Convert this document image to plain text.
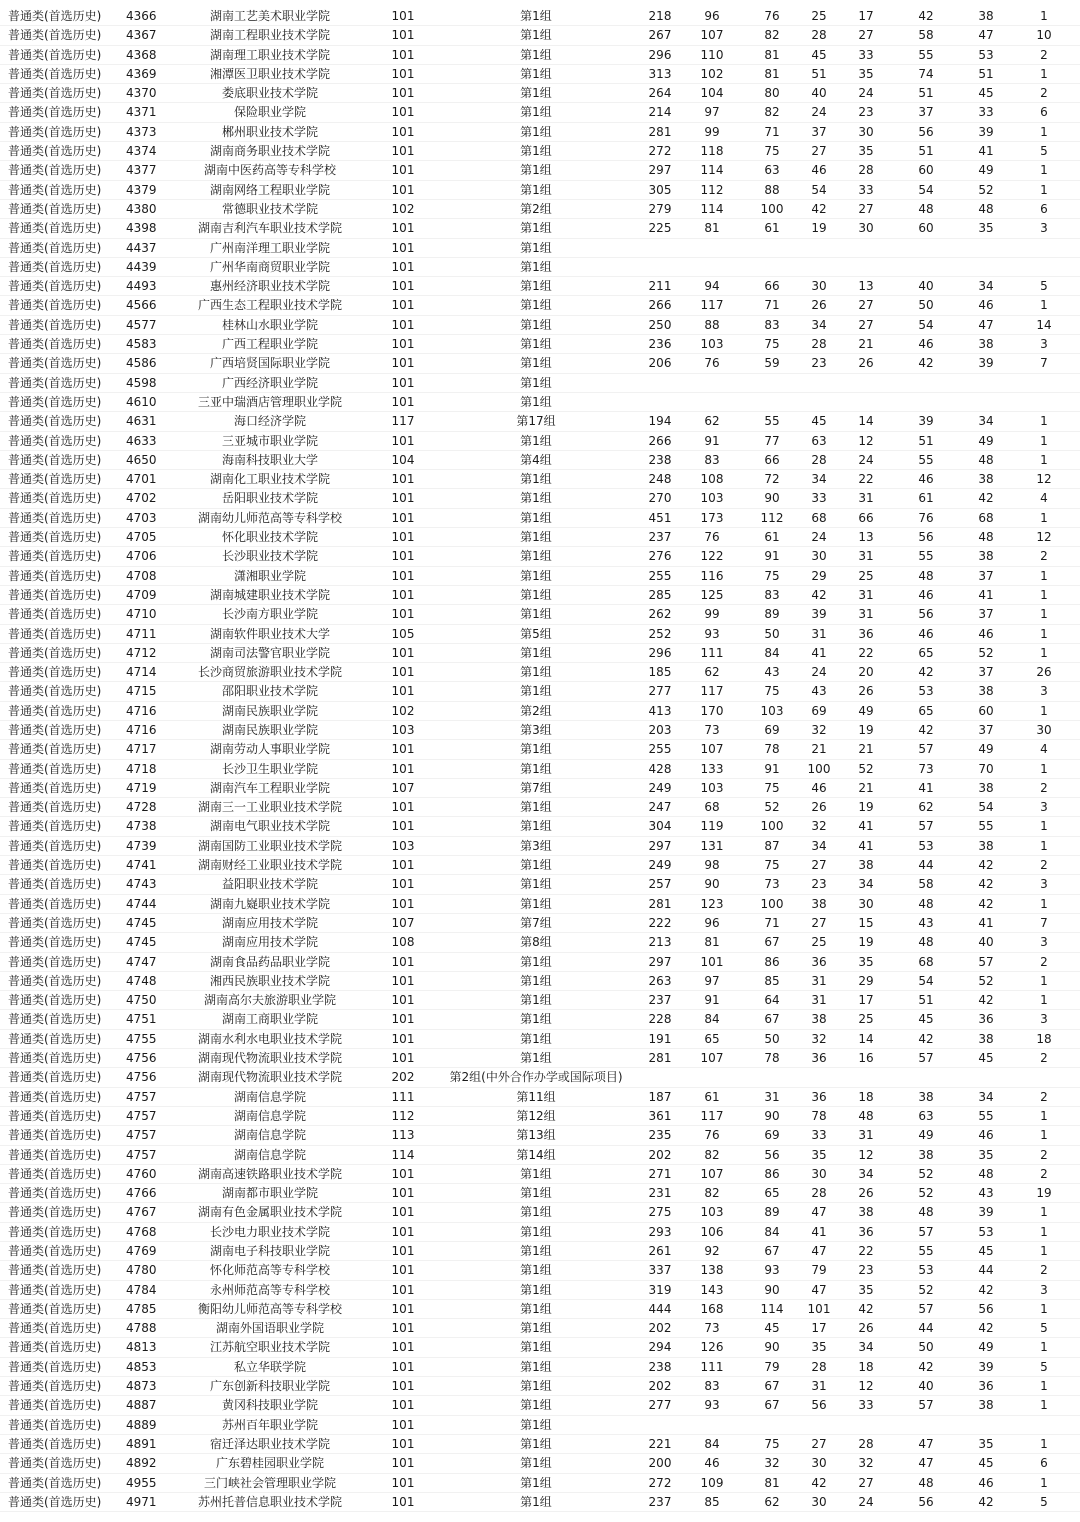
普通类(首选历史)	4366	湖南工艺美术职业学院	101	第1组	218	96	76	25	17	42	38	1
普通类(首选历史)	4367	湖南工程职业技术学院	101	第1组	267	107	82	28	27	58	47	10
普通类(首选历史)	4368	湖南理工职业技术学院	101	第1组	296	110	81	45	33	55	53	2
普通类(首选历史)	4369	湘潭医卫职业技术学院	101	第1组	313	102	81	51	35	74	51	1
普通类(首选历史)	4370	娄底职业技术学院	101	第1组	264	104	80	40	24	51	45	2
普通类(首选历史)	4371	保险职业学院	101	第1组	214	97	82	24	23	37	33	6
普通类(首选历史)	4373	郴州职业技术学院	101	第1组	281	99	71	37	30	56	39	1
普通类(首选历史)	4374	湖南商务职业技术学院	101	第1组	272	118	75	27	35	51	41	5
普通类(首选历史)	4377	湖南中医药高等专科学校	101	第1组	297	114	63	46	28	60	49	1
普通类(首选历史)	4379	湖南网络工程职业学院	101	第1组	305	112	88	54	33	54	52	1
普通类(首选历史)	4380	常德职业技术学院	102	第2组	279	114	100	42	27	48	48	6
普通类(首选历史)	4398	湖南吉利汽车职业技术学院	101	第1组	225	81	61	19	30	60	35	3
普通类(首选历史)	4437	广州南洋理工职业学院	101	第1组
普通类(首选历史)	4439	广州华南商贸职业学院	101	第1组
普通类(首选历史)	4493	惠州经济职业技术学院	101	第1组	211	94	66	30	13	40	34	5
普通类(首选历史)	4566	广西生态工程职业技术学院	101	第1组	266	117	71	26	27	50	46	1
普通类(首选历史)	4577	桂林山水职业学院	101	第1组	250	88	83	34	27	54	47	14
普通类(首选历史)	4583	广西工程职业学院	101	第1组	236	103	75	28	21	46	38	3
普通类(首选历史)	4586	广西培贤国际职业学院	101	第1组	206	76	59	23	26	42	39	7
普通类(首选历史)	4598	广西经济职业学院	101	第1组
普通类(首选历史)	4610	三亚中瑞酒店管理职业学院	101	第1组
普通类(首选历史)	4631	海口经济学院	117	第17组	194	62	55	45	14	39	34	1
普通类(首选历史)	4633	三亚城市职业学院	101	第1组	266	91	77	63	12	51	49	1
普通类(首选历史)	4650	海南科技职业大学	104	第4组	238	83	66	28	24	55	48	1
普通类(首选历史)	4701	湖南化工职业技术学院	101	第1组	248	108	72	34	22	46	38	12
普通类(首选历史)	4702	岳阳职业技术学院	101	第1组	270	103	90	33	31	61	42	4
普通类(首选历史)	4703	湖南幼儿师范高等专科学校	101	第1组	451	173	112	68	66	76	68	1
普通类(首选历史)	4705	怀化职业技术学院	101	第1组	237	76	61	24	13	56	48	12
普通类(首选历史)	4706	长沙职业技术学院	101	第1组	276	122	91	30	31	55	38	2
普通类(首选历史)	4708	潇湘职业学院	101	第1组	255	116	75	29	25	48	37	1
普通类(首选历史)	4709	湖南城建职业技术学院	101	第1组	285	125	83	42	31	46	41	1
普通类(首选历史)	4710	长沙南方职业学院	101	第1组	262	99	89	39	31	56	37	1
普通类(首选历史)	4711	湖南软件职业技术大学	105	第5组	252	93	50	31	36	46	46	1
普通类(首选历史)	4712	湖南司法警官职业学院	101	第1组	296	111	84	41	22	65	52	1
普通类(首选历史)	4714	长沙商贸旅游职业技术学院	101	第1组	185	62	43	24	20	42	37	26
普通类(首选历史)	4715	邵阳职业技术学院	101	第1组	277	117	75	43	26	53	38	3
普通类(首选历史)	4716	湖南民族职业学院	102	第2组	413	170	103	69	49	65	60	1
普通类(首选历史)	4716	湖南民族职业学院	103	第3组	203	73	69	32	19	42	37	30
普通类(首选历史)	4717	湖南劳动人事职业学院	101	第1组	255	107	78	21	21	57	49	4
普通类(首选历史)	4718	长沙卫生职业学院	101	第1组	428	133	91	100	52	73	70	1
普通类(首选历史)	4719	湖南汽车工程职业学院	107	第7组	249	103	75	46	21	41	38	2
普通类(首选历史)	4728	湖南三一工业职业技术学院	101	第1组	247	68	52	26	19	62	54	3
普通类(首选历史)	4738	湖南电气职业技术学院	101	第1组	304	119	100	32	41	57	55	1
普通类(首选历史)	4739	湖南国防工业职业技术学院	103	第3组	297	131	87	34	41	53	38	1
普通类(首选历史)	4741	湖南财经工业职业技术学院	101	第1组	249	98	75	27	38	44	42	2
普通类(首选历史)	4743	益阳职业技术学院	101	第1组	257	90	73	23	34	58	42	3
普通类(首选历史)	4744	湖南九嶷职业技术学院	101	第1组	281	123	100	38	30	48	42	1
普通类(首选历史)	4745	湖南应用技术学院	107	第7组	222	96	71	27	15	43	41	7
普通类(首选历史)	4745	湖南应用技术学院	108	第8组	213	81	67	25	19	48	40	3
普通类(首选历史)	4747	湖南食品药品职业学院	101	第1组	297	101	86	36	35	68	57	2
普通类(首选历史)	4748	湘西民族职业技术学院	101	第1组	263	97	85	31	29	54	52	1
普通类(首选历史)	4750	湖南高尔夫旅游职业学院	101	第1组	237	91	64	31	17	51	42	1
普通类(首选历史)	4751	湖南工商职业学院	101	第1组	228	84	67	38	25	45	36	3
普通类(首选历史)	4755	湖南水利水电职业技术学院	101	第1组	191	65	50	32	14	42	38	18
普通类(首选历史)	4756	湖南现代物流职业技术学院	101	第1组	281	107	78	36	16	57	45	2
普通类(首选历史)	4756	湖南现代物流职业技术学院	202	第2组(中外合作办学或国际项目)
普通类(首选历史)	4757	湖南信息学院	111	第11组	187	61	31	36	18	38	34	2
普通类(首选历史)	4757	湖南信息学院	112	第12组	361	117	90	78	48	63	55	1
普通类(首选历史)	4757	湖南信息学院	113	第13组	235	76	69	33	31	49	46	1
普通类(首选历史)	4757	湖南信息学院	114	第14组	202	82	56	35	12	38	35	2
普通类(首选历史)	4760	湖南高速铁路职业技术学院	101	第1组	271	107	86	30	34	52	48	2
普通类(首选历史)	4766	湖南都市职业学院	101	第1组	231	82	65	28	26	52	43	19
普通类(首选历史)	4767	湖南有色金属职业技术学院	101	第1组	275	103	89	47	38	48	39	1
普通类(首选历史)	4768	长沙电力职业技术学院	101	第1组	293	106	84	41	36	57	53	1
普通类(首选历史)	4769	湖南电子科技职业学院	101	第1组	261	92	67	47	22	55	45	1
普通类(首选历史)	4780	怀化师范高等专科学校	101	第1组	337	138	93	79	23	53	44	2
普通类(首选历史)	4784	永州师范高等专科学校	101	第1组	319	143	90	47	35	52	42	3
普通类(首选历史)	4785	衡阳幼儿师范高等专科学校	101	第1组	444	168	114	101	42	57	56	1
普通类(首选历史)	4788	湖南外国语职业学院	101	第1组	202	73	45	17	26	44	42	5
普通类(首选历史)	4813	江苏航空职业技术学院	101	第1组	294	126	90	35	34	50	49	1
普通类(首选历史)	4853	私立华联学院	101	第1组	238	111	79	28	18	42	39	5
普通类(首选历史)	4873	广东创新科技职业学院	101	第1组	202	83	67	31	12	40	36	1
普通类(首选历史)	4887	黄冈科技职业学院	101	第1组	277	93	67	56	33	57	38	1
普通类(首选历史)	4889	苏州百年职业学院	101	第1组
普通类(首选历史)	4891	宿迁泽达职业技术学院	101	第1组	221	84	75	27	28	47	35	1
普通类(首选历史)	4892	广东碧桂园职业学院	101	第1组	200	46	32	30	32	47	45	6
普通类(首选历史)	4955	三门峡社会管理职业学院	101	第1组	272	109	81	42	27	48	46	1
普通类(首选历史)	4971	苏州托普信息职业技术学院	101	第1组	237	85	62	30	24	56	42	5
